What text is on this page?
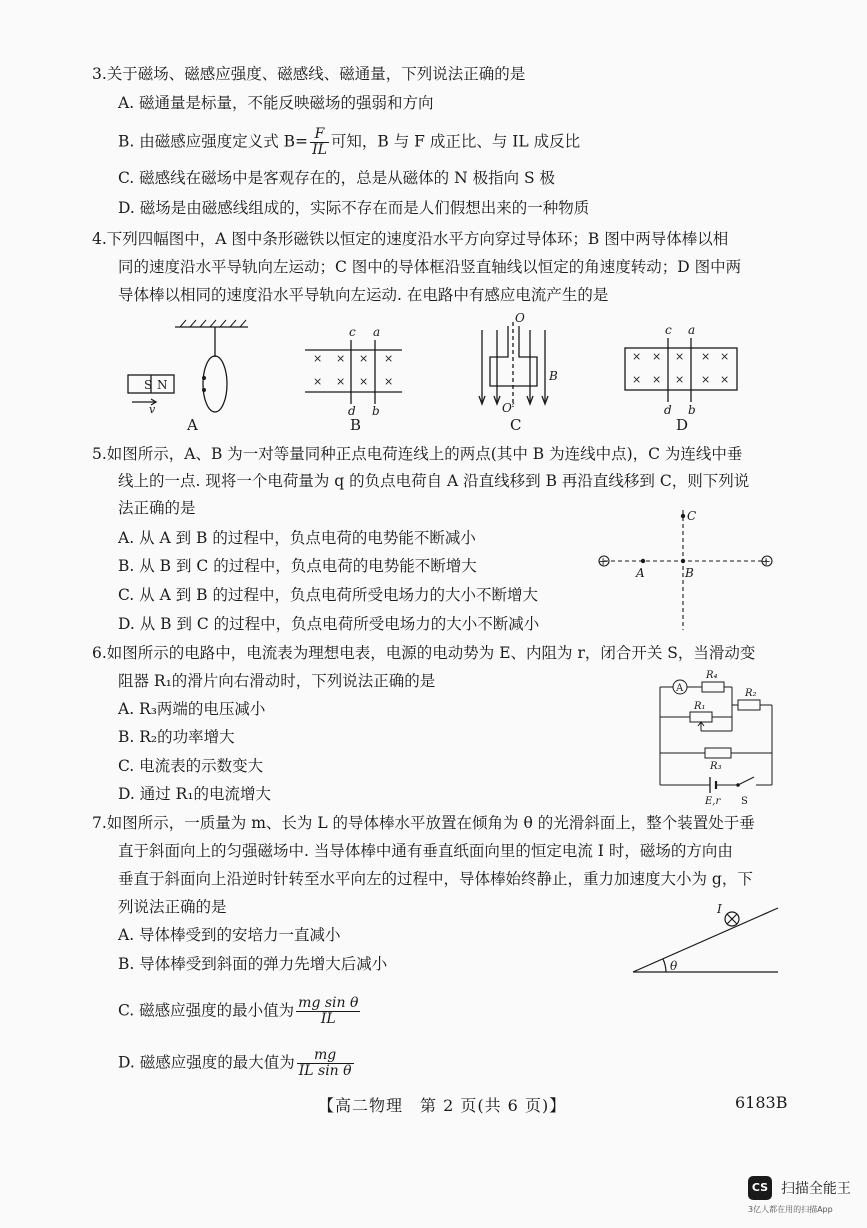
3.关于磁场、磁感应强度、磁感线、磁通量，下列说法正确的是
A. 磁通量是标量，不能反映磁场的强弱和方向
B. 由磁感应强度定义式 $B= \frac{F}{IL}$ 可知，B 与 F 成正比、与 IL 成反比
C. 磁感线在磁场中是客观存在的，总是从磁体的 N 极指向 S 极
D. 磁场是由磁感线组成的，实际不存在而是人们假想出来的一种物质
4.下列四幅图中，A 图中条形磁铁以恒定的速度沿水平方向穿过导体环；B 图中两导体棒以相
同的速度沿水平导轨向左运动；C 图中的导体框沿竖直轴线以恒定的角速度转动；D 图中两
导体棒以相同的速度沿水平导轨向左运动. 在电路中有感应电流产生的是
S N
v
A
× × × ×
× × × ×
c a
d b
B
O
O′
B
C
× × × × ×
× × × × ×
c a
d b
D
5.如图所示，A、B 为一对等量同种正点电荷连线上的两点(其中 B 为连线中点)，C 为连线中垂
线上的一点. 现将一个电荷量为 q 的负点电荷自 A 沿直线移到 B 再沿直线移到 C，则下列说
法正确的是
A. 从 A 到 B 的过程中，负点电荷的电势能不断减小
B. 从 B 到 C 的过程中，负点电荷的电势能不断增大
C. 从 A 到 B 的过程中，负点电荷所受电场力的大小不断增大
D. 从 B 到 C 的过程中，负点电荷所受电场力的大小不断减小
+	+
A	B
C
6.如图所示的电路中，电流表为理想电表，电源的电动势为 E、内阻为 r，闭合开关 S，当滑动变
阻器 R₁的滑片向右滑动时，下列说法正确的是
A. R₃两端的电压减小
B. R₂的功率增大
C. 电流表的示数变大
D. 通过 R₁的电流增大
A
R₄
R₂
R₁
R₃
E,r S
7.如图所示，一质量为 m、长为 L 的导体棒水平放置在倾角为 θ 的光滑斜面上，整个装置处于垂
直于斜面向上的匀强磁场中. 当导体棒中通有垂直纸面向里的恒定电流 I 时，磁场的方向由
垂直于斜面向上沿逆时针转至水平向左的过程中，导体棒始终静止，重力加速度大小为 g，下
列说法正确的是
A. 导体棒受到的安培力一直减小
B. 导体棒受到斜面的弹力先增大后减小
C. 磁感应强度的最小值为 $\frac{\text{mg sin θ}}{IL}$
D. 磁感应强度的最大值为 $\frac{mg}{\text{IL sin θ}}$
I
θ
【高二物理　第 2 页(共 6 页)】	6183B
CS 扫描全能王
3亿人都在用的扫描App
